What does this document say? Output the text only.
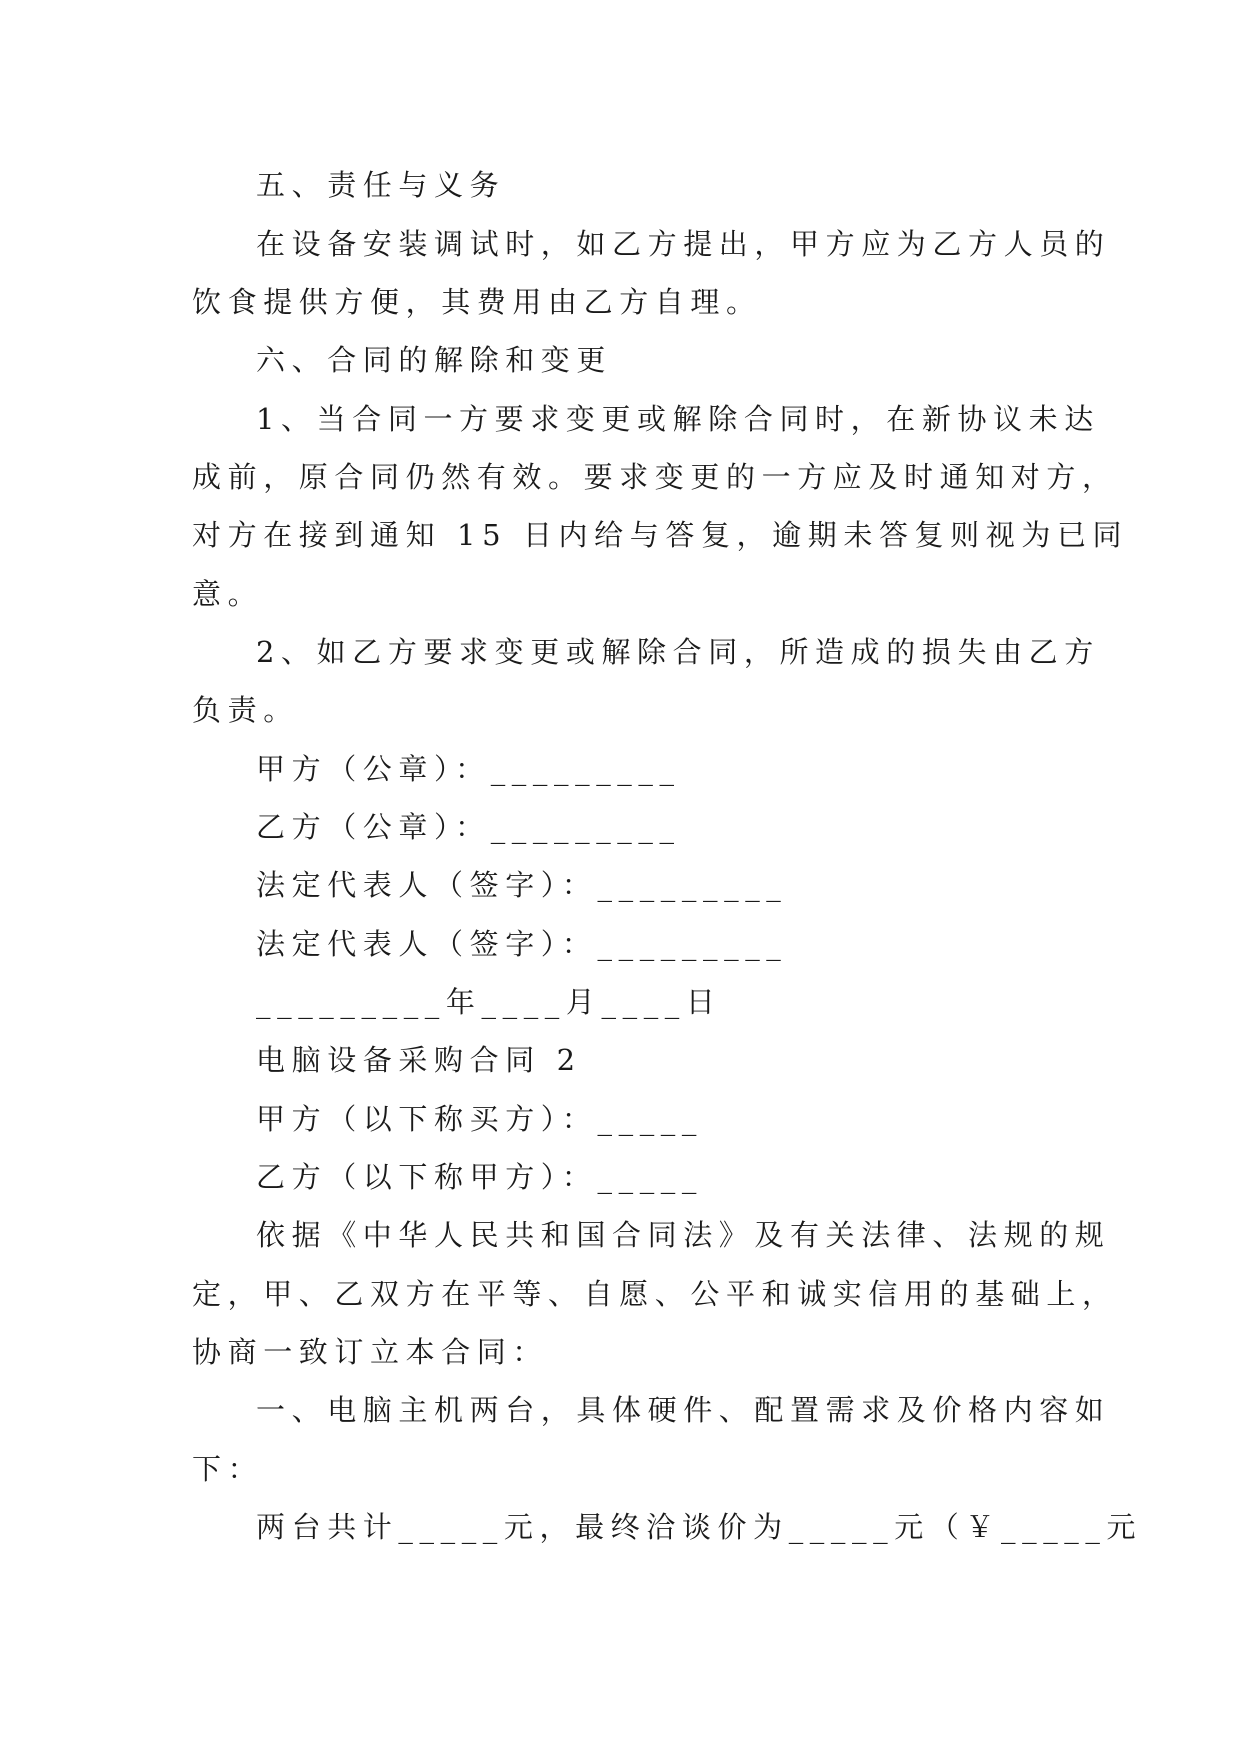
五、责任与义务
在设备安装调试时，如乙方提出，甲方应为乙方人员的
饮食提供方便，其费用由乙方自理。
六、合同的解除和变更
1、当合同一方要求变更或解除合同时，在新协议未达
成前，原合同仍然有效。要求变更的一方应及时通知对方，
对方在接到通知 15 日内给与答复，逾期未答复则视为已同
意。
2、如乙方要求变更或解除合同，所造成的损失由乙方
负责。
甲方（公章）：_________
乙方（公章）：_________
法定代表人（签字）：_________
法定代表人（签字）：_________
_________年____月____日
电脑设备采购合同 2
甲方（以下称买方）：_____
乙方（以下称甲方）：_____
依据《中华人民共和国合同法》及有关法律、法规的规
定，甲、乙双方在平等、自愿、公平和诚实信用的基础上，
协商一致订立本合同：
一、电脑主机两台，具体硬件、配置需求及价格内容如
下：
两台共计_____元，最终洽谈价为_____元（￥_____元
